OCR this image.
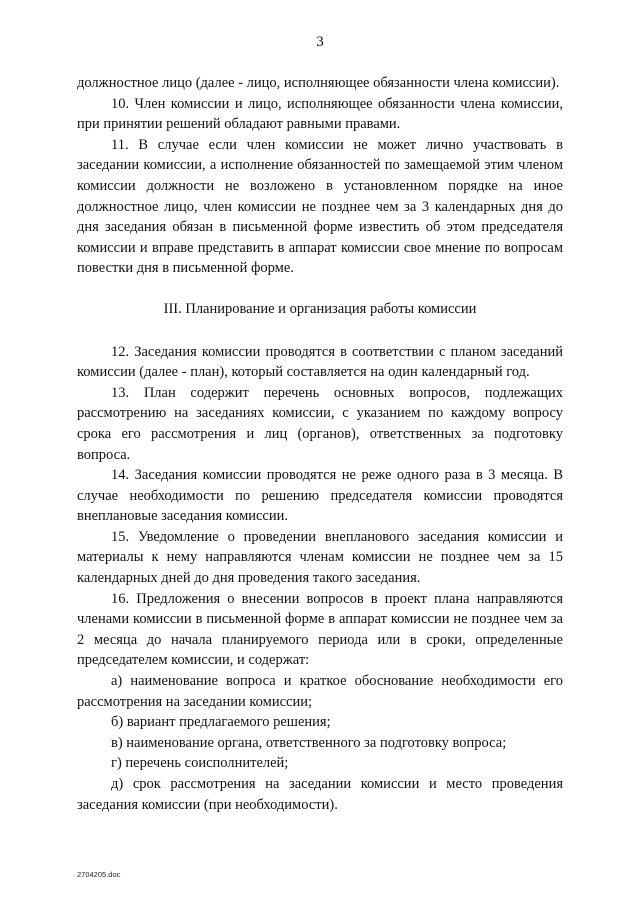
3

должностное лицо (далее - лицо, исполняющее обязанности члена комиссии).

10. Член комиссии и лицо, исполняющее обязанности члена комиссии, при принятии решений обладают равными правами.

11. В случае если член комиссии не может лично участвовать в заседании комиссии, а исполнение обязанностей по замещаемой этим членом комиссии должности не возложено в установленном порядке на иное должностное лицо, член комиссии не позднее чем за 3 календарных дня до дня заседания обязан в письменной форме известить об этом председателя комиссии и вправе представить в аппарат комиссии свое мнение по вопросам повестки дня в письменной форме.

III. Планирование и организация работы комиссии

12. Заседания комиссии проводятся в соответствии с планом заседаний комиссии (далее - план), который составляется на один календарный год.

13. План содержит перечень основных вопросов, подлежащих рассмотрению на заседаниях комиссии, с указанием по каждому вопросу срока его рассмотрения и лиц (органов), ответственных за подготовку вопроса.

14. Заседания комиссии проводятся не реже одного раза в 3 месяца. В случае необходимости по решению председателя комиссии проводятся внеплановые заседания комиссии.

15. Уведомление о проведении внепланового заседания комиссии и материалы к нему направляются членам комиссии не позднее чем за 15 календарных дней до дня проведения такого заседания.

16. Предложения о внесении вопросов в проект плана направляются членами комиссии в письменной форме в аппарат комиссии не позднее чем за 2 месяца до начала планируемого периода или в сроки, определенные председателем комиссии, и содержат:

а) наименование вопроса и краткое обоснование необходимости его рассмотрения на заседании комиссии;

б) вариант предлагаемого решения;

в) наименование органа, ответственного за подготовку вопроса;

г) перечень соисполнителей;

д) срок рассмотрения на заседании комиссии и место проведения заседания комиссии (при необходимости).

2704205.doc
